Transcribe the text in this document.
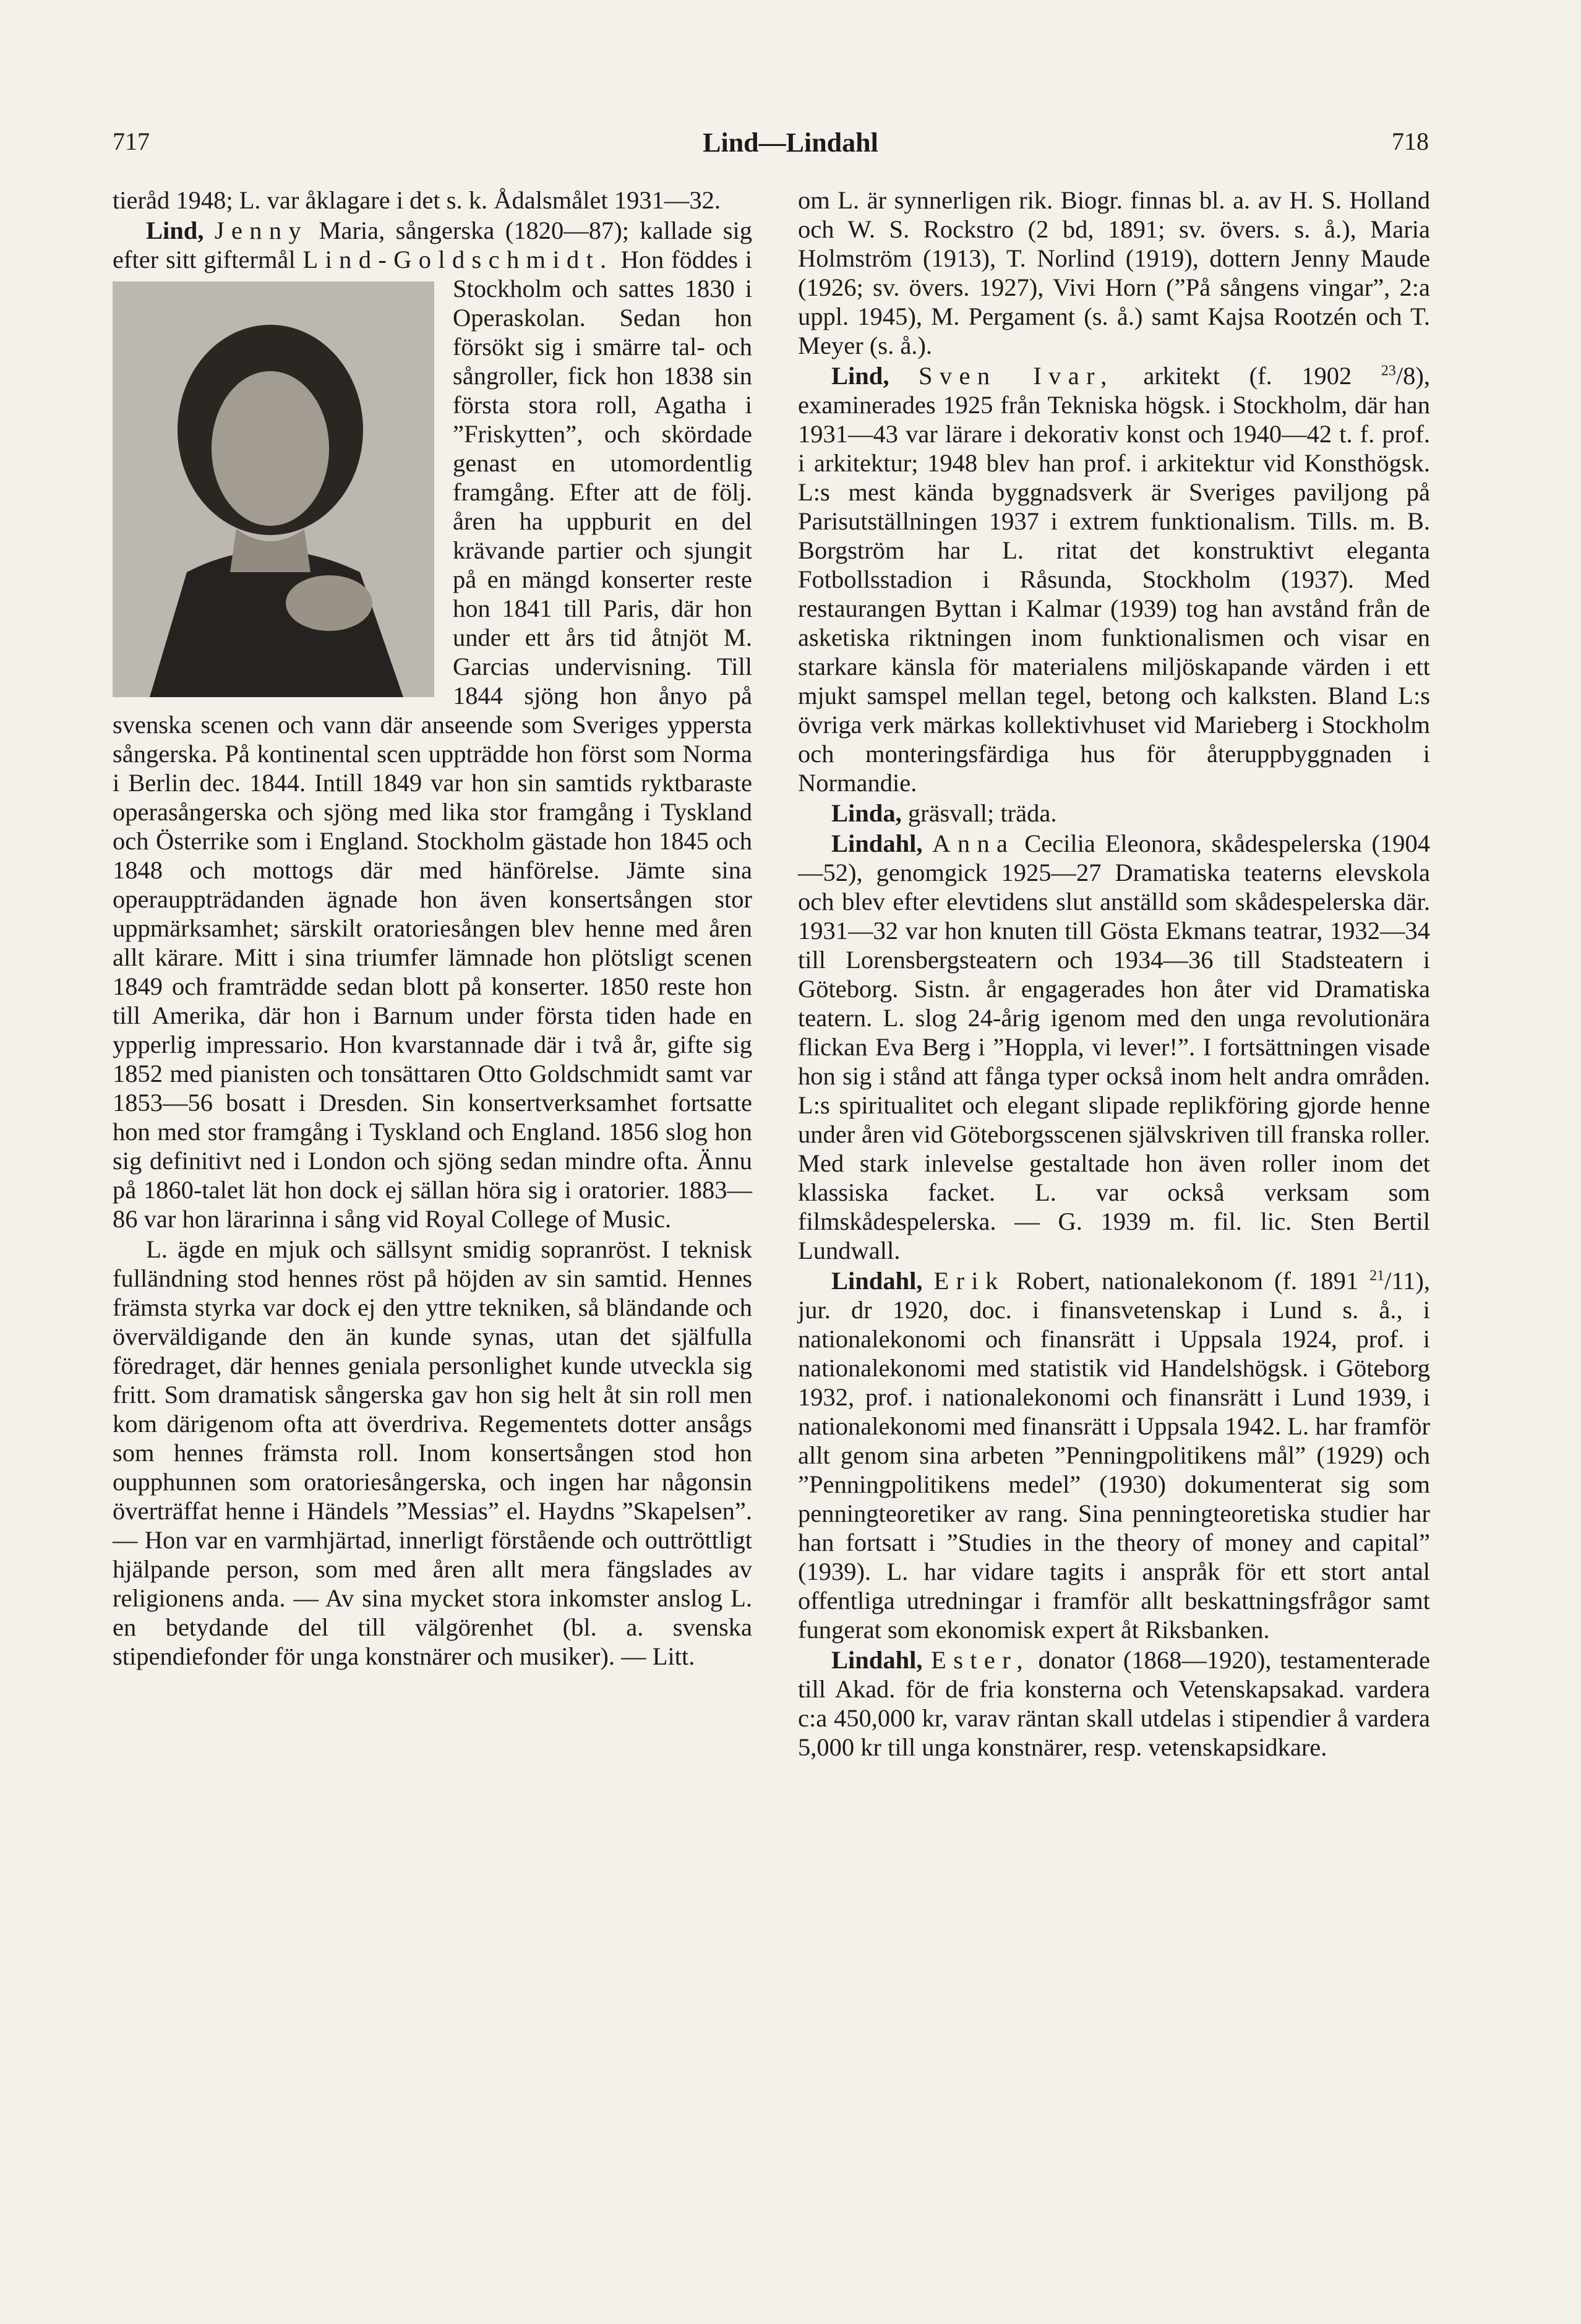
717	Lind—Lindahl	718

tieråd 1948; L. var åklagare i det s. k. Ådalsmålet 1931—32.

Lind, Jenny Maria, sångerska (1820—87); kallade sig efter sitt giftermål Lind-Goldschmidt. Hon föddes i Stockholm och sattes 1830 i Operaskolan. Sedan hon försökt sig i smärre tal- och sångroller, fick hon 1838 sin första stora roll, Agatha i ”Friskytten”, och skördade genast en utomordentlig framgång. Efter att de följ. åren ha uppburit en del krävande partier och sjungit på en mängd konserter reste hon 1841 till Paris, där hon under ett års tid åtnjöt M. Garcias undervisning. Till 1844 sjöng hon ånyo på svenska scenen och vann där anseende som Sveriges yppersta sångerska. På kontinental scen uppträdde hon först som Norma i Berlin dec. 1844. Intill 1849 var hon sin samtids ryktbaraste operasångerska och sjöng med lika stor framgång i Tyskland och Österrike som i England. Stockholm gästade hon 1845 och 1848 och mottogs där med hänförelse. Jämte sina operauppträdanden ägnade hon även konsertsången stor uppmärksamhet; särskilt oratoriesången blev henne med åren allt kärare. Mitt i sina triumfer lämnade hon plötsligt scenen 1849 och framträdde sedan blott på konserter. 1850 reste hon till Amerika, där hon i Barnum under första tiden hade en ypperlig impressario. Hon kvarstannade där i två år, gifte sig 1852 med pianisten och tonsättaren Otto Goldschmidt samt var 1853—56 bosatt i Dresden. Sin konsertverksamhet fortsatte hon med stor framgång i Tyskland och England. 1856 slog hon sig definitivt ned i London och sjöng sedan mindre ofta. Ännu på 1860-talet lät hon dock ej sällan höra sig i oratorier. 1883—86 var hon lärarinna i sång vid Royal College of Music.

L. ägde en mjuk och sällsynt smidig sopranröst. I teknisk fulländning stod hennes röst på höjden av sin samtid. Hennes främsta styrka var dock ej den yttre tekniken, så bländande och överväldigande den än kunde synas, utan det själfulla föredraget, där hennes geniala personlighet kunde utveckla sig fritt. Som dramatisk sångerska gav hon sig helt åt sin roll men kom därigenom ofta att överdriva. Regementets dotter ansågs som hennes främsta roll. Inom konsertsången stod hon oupphunnen som oratoriesångerska, och ingen har någonsin överträffat henne i Händels ”Messias” el. Haydns ”Skapelsen”. — Hon var en varmhjärtad, innerligt förstående och outtröttligt hjälpande person, som med åren allt mera fängslades av religionens anda. — Av sina mycket stora inkomster anslog L. en betydande del till välgörenhet (bl. a. svenska stipendiefonder för unga konstnärer och musiker). — Litt.

om L. är synnerligen rik. Biogr. finnas bl. a. av H. S. Holland och W. S. Rockstro (2 bd, 1891; sv. övers. s. å.), Maria Holmström (1913), T. Norlind (1919), dottern Jenny Maude (1926; sv. övers. 1927), Vivi Horn (”På sångens vingar”, 2:a uppl. 1945), M. Pergament (s. å.) samt Kajsa Rootzén och T. Meyer (s. å.).

Lind, Sven Ivar, arkitekt (f. 1902 $^{23}$/8), examinerades 1925 från Tekniska högsk. i Stockholm, där han 1931—43 var lärare i dekorativ konst och 1940—42 t. f. prof. i arkitektur; 1948 blev han prof. i arkitektur vid Konsthögsk. L:s mest kända byggnadsverk är Sveriges paviljong på Parisutställningen 1937 i extrem funktionalism. Tills. m. B. Borgström har L. ritat det konstruktivt eleganta Fotbollsstadion i Råsunda, Stockholm (1937). Med restaurangen Byttan i Kalmar (1939) tog han avstånd från de asketiska riktningen inom funktionalismen och visar en starkare känsla för materialens miljöskapande värden i ett mjukt samspel mellan tegel, betong och kalksten. Bland L:s övriga verk märkas kollektivhuset vid Marieberg i Stockholm och monteringsfärdiga hus för återuppbyggnaden i Normandie.

Linda, gräsvall; träda.

Lindahl, Anna Cecilia Eleonora, skådespelerska (1904—52), genomgick 1925—27 Dramatiska teaterns elevskola och blev efter elevtidens slut anställd som skådespelerska där. 1931—32 var hon knuten till Gösta Ekmans teatrar, 1932—34 till Lorensbergsteatern och 1934—36 till Stadsteatern i Göteborg. Sistn. år engagerades hon åter vid Dramatiska teatern. L. slog 24-årig igenom med den unga revolutionära flickan Eva Berg i ”Hoppla, vi lever!”. I fortsättningen visade hon sig i stånd att fånga typer också inom helt andra områden. L:s spiritualitet och elegant slipade replikföring gjorde henne under åren vid Göteborgsscenen självskriven till franska roller. Med stark inlevelse gestaltade hon även roller inom det klassiska facket. L. var också verksam som filmskådespelerska. — G. 1939 m. fil. lic. Sten Bertil Lundwall.

Lindahl, Erik Robert, nationalekonom (f. 1891 $^{21}$/11), jur. dr 1920, doc. i finansvetenskap i Lund s. å., i nationalekonomi och finansrätt i Uppsala 1924, prof. i nationalekonomi med statistik vid Handelshögsk. i Göteborg 1932, prof. i nationalekonomi och finansrätt i Lund 1939, i nationalekonomi med finansrätt i Uppsala 1942. L. har framför allt genom sina arbeten ”Penningpolitikens mål” (1929) och ”Penningpolitikens medel” (1930) dokumenterat sig som penningteoretiker av rang. Sina penningteoretiska studier har han fortsatt i ”Studies in the theory of money and capital” (1939). L. har vidare tagits i anspråk för ett stort antal offentliga utredningar i framför allt beskattningsfrågor samt fungerat som ekonomisk expert åt Riksbanken.

Lindahl, Ester, donator (1868—1920), testamenterade till Akad. för de fria konsterna och Vetenskapsakad. vardera c:a 450,000 kr, varav räntan skall utdelas i stipendier å vardera 5,000 kr till unga konstnärer, resp. vetenskapsidkare.
